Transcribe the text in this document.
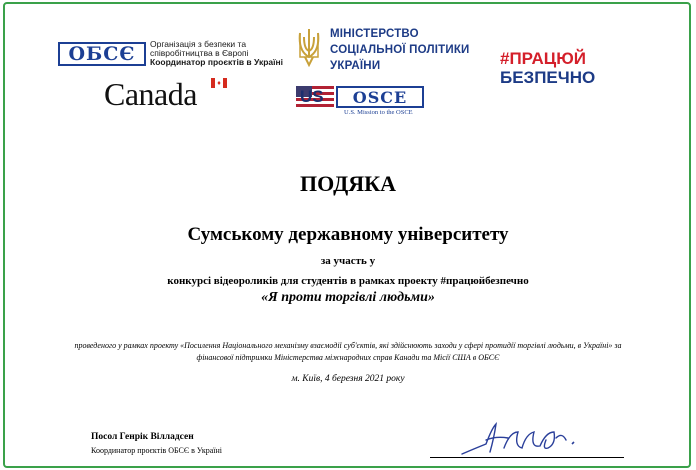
ОБСЄ Організація з безпеки та
співробітництва в Європі
Координатор проєктів в Україні
Canada	♦
МІНІСТЕРСТВО
СОЦІАЛЬНОЇ ПОЛІТИКИ
УКРАЇНИ
US OSCE
U.S. Mission to the OSCE
#ПРАЦЮЙ
БЕЗПЕЧНО
ПОДЯКА
Сумському державному університету
за участь у
конкурсі відеороликів для студентів в рамках проекту #працюйбезпечно
«Я проти торгівлі людьми»
проведеного у рамках проекту «Посилення Національного механізму взаємодії суб'єктів, які здійснюють заходи у сфері протидії торгівлі людьми, в Україні» за фінансової підтримки Міністерства міжнародних справ Канади та Місії США в ОБСЄ
м. Київ, 4 березня 2021 року
Посол Генрік Вілладсен
Координатор проєктів ОБСЄ в Україні
